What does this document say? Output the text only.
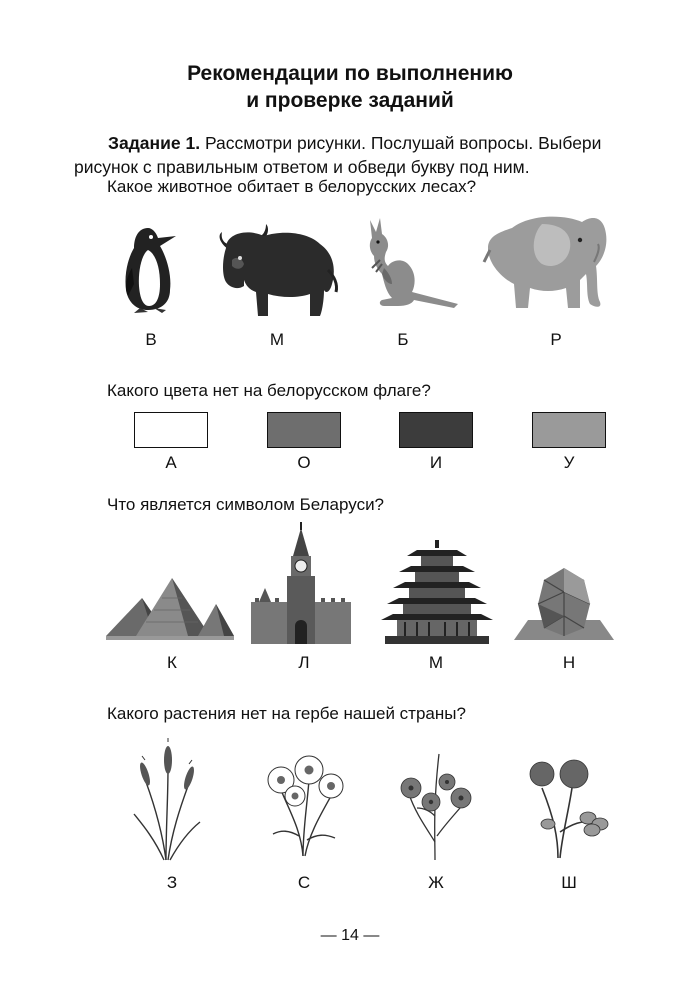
Рекомендации по выполнению
и проверке заданий
Задание 1. Рассмотри рисунки. Послушай вопросы. Выбери
рисунок с правильным ответом и обведи букву под ним.
Какое животное обитает в белорусских лесах?
В	М	Б	Р
Какого цвета нет на белорусском флаге?
А	О	И	У
Что является символом Беларуси?
К	Л	М	Н
Какого растения нет на гербе нашей страны?
З	С	Ж	Ш
— 14 —
